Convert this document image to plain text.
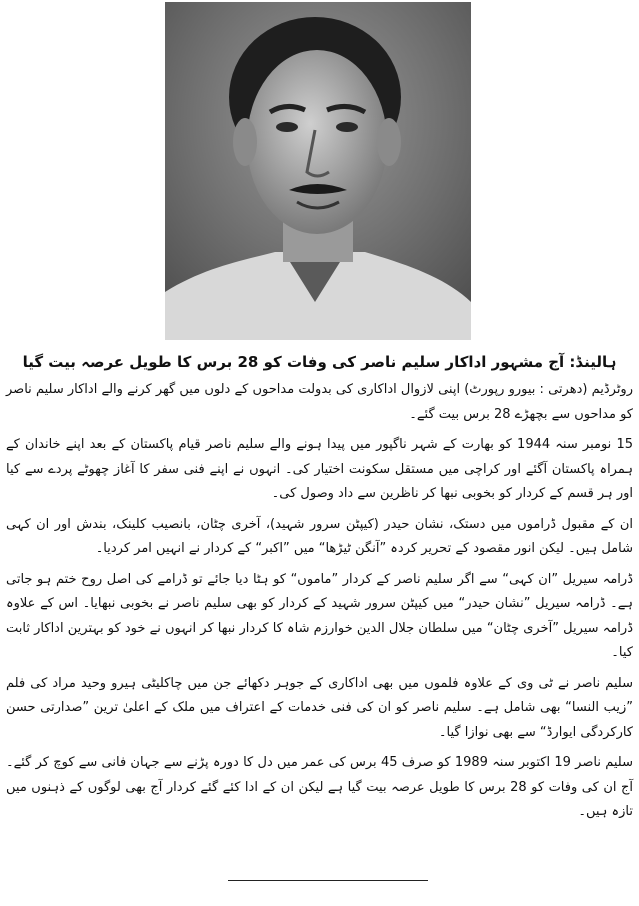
ہالینڈ: آج مشہور اداکار سلیم ناصر کی وفات کو 28 برس کا طویل عرصہ بیت گیا

روٹرڈیم (دھرتی : بیورو رپورٹ) اپنی لازوال اداکاری کی بدولت مداحوں کے دلوں میں گھر کرنے والے اداکار سلیم ناصر کو مداحوں سے بچھڑے 28 برس بیت گئے۔

15 نومبر سنہ 1944 کو بھارت کے شہر ناگپور میں پیدا ہونے والے سلیم ناصر قیام پاکستان کے بعد اپنے خاندان کے ہمراہ پاکستان آگئے اور کراچی میں مستقل سکونت اختیار کی۔ انہوں نے اپنے فنی سفر کا آغاز چھوٹے پردے سے کیا اور ہر قسم کے کردار کو بخوبی نبھا کر ناظرین سے داد وصول کی۔

ان کے مقبول ڈراموں میں دستک، نشان حیدر (کیپٹن سرور شہید)، آخری چٹان، بانصیب کلینک، بندش اور ان کہی شامل ہیں۔ لیکن انور مقصود کے تحریر کردہ ”آنگن ٹیڑھا“ میں ”اکبر“ کے کردار نے انہیں امر کردیا۔

ڈرامہ سیریل ”ان کہی“ سے اگر سلیم ناصر کے کردار ”ماموں“ کو ہٹا دیا جائے تو ڈرامے کی اصل روح ختم ہو جاتی ہے۔ ڈرامہ سیریل ”نشان حیدر“ میں کیپٹن سرور شہید کے کردار کو بھی سلیم ناصر نے بخوبی نبھایا۔ اس کے علاوہ ڈرامہ سیریل ”آخری چٹان“ میں سلطان جلال الدین خوارزم شاہ کا کردار نبھا کر انہوں نے خود کو بہترین اداکار ثابت کیا۔

سلیم ناصر نے ٹی وی کے علاوہ فلموں میں بھی اداکاری کے جوہر دکھائے جن میں چاکلیٹی ہیرو وحید مراد کی فلم ”زیب النسا“ بھی شامل ہے۔ سلیم ناصر کو ان کی فنی خدمات کے اعتراف میں ملک کے اعلیٰ ترین ”صدارتی حسن کارکردگی ایوارڈ“ سے بھی نوازا گیا۔

سلیم ناصر 19 اکتوبر سنہ 1989 کو صرف 45 برس کی عمر میں دل کا دورہ پڑنے سے جہان فانی سے کوچ کر گئے۔ آج ان کی وفات کو 28 برس کا طویل عرصہ بیت گیا ہے لیکن ان کے ادا کئے گئے کردار آج بھی لوگوں کے ذہنوں میں تازہ ہیں۔
